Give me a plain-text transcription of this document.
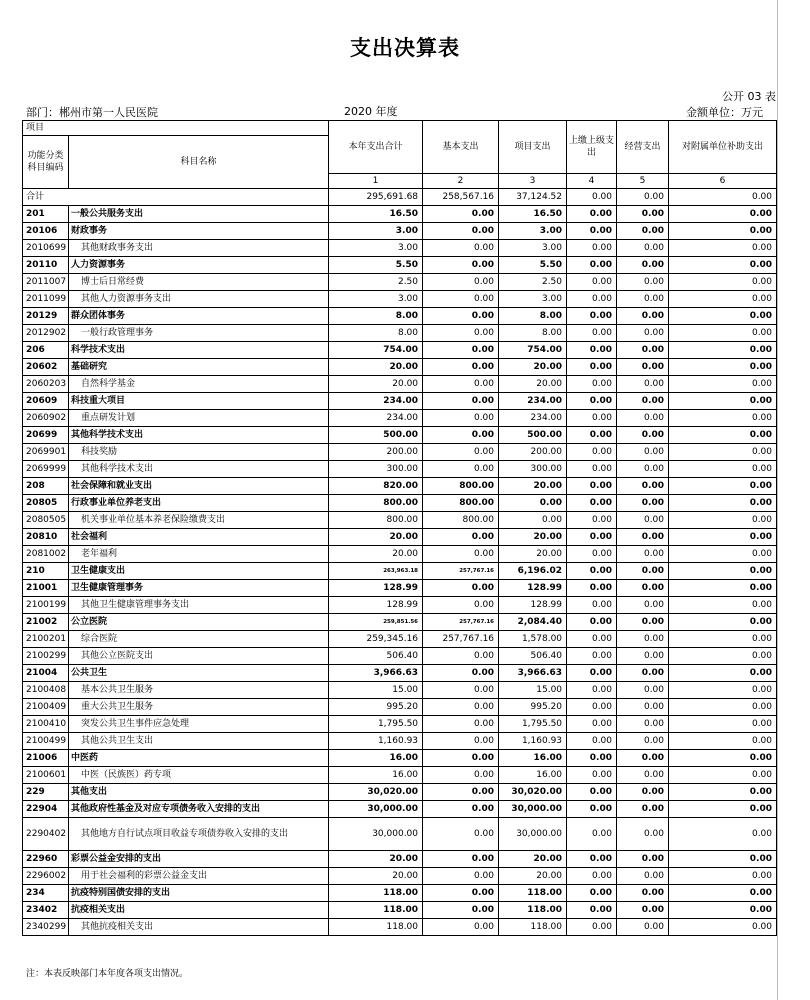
支出决算表
公开 03 表
部门：郴州市第一人民医院	2020 年度	金额单位：万元
项目		本年支出合计	基本支出	项目支出	上缴上级支出	经营支出	对附属单位补助支出
功能分类科目编码	科目名称						
		1	2	3	4	5	6
合计		295,691.68	258,567.16	37,124.52	0.00	0.00	0.00
201	一般公共服务支出	16.50	0.00	16.50	0.00	0.00	0.00
20106	财政事务	3.00	0.00	3.00	0.00	0.00	0.00
2010699	其他财政事务支出	3.00	0.00	3.00	0.00	0.00	0.00
20110	人力资源事务	5.50	0.00	5.50	0.00	0.00	0.00
2011007	博士后日常经费	2.50	0.00	2.50	0.00	0.00	0.00
2011099	其他人力资源事务支出	3.00	0.00	3.00	0.00	0.00	0.00
20129	群众团体事务	8.00	0.00	8.00	0.00	0.00	0.00
2012902	一般行政管理事务	8.00	0.00	8.00	0.00	0.00	0.00
206	科学技术支出	754.00	0.00	754.00	0.00	0.00	0.00
20602	基础研究	20.00	0.00	20.00	0.00	0.00	0.00
2060203	自然科学基金	20.00	0.00	20.00	0.00	0.00	0.00
20609	科技重大项目	234.00	0.00	234.00	0.00	0.00	0.00
2060902	重点研发计划	234.00	0.00	234.00	0.00	0.00	0.00
20699	其他科学技术支出	500.00	0.00	500.00	0.00	0.00	0.00
2069901	科技奖励	200.00	0.00	200.00	0.00	0.00	0.00
2069999	其他科学技术支出	300.00	0.00	300.00	0.00	0.00	0.00
208	社会保障和就业支出	820.00	800.00	20.00	0.00	0.00	0.00
20805	行政事业单位养老支出	800.00	800.00	0.00	0.00	0.00	0.00
2080505	机关事业单位基本养老保险缴费支出	800.00	800.00	0.00	0.00	0.00	0.00
20810	社会福利	20.00	0.00	20.00	0.00	0.00	0.00
2081002	老年福利	20.00	0.00	20.00	0.00	0.00	0.00
210	卫生健康支出	263,963.18	257,767.16	6,196.02	0.00	0.00	0.00
21001	卫生健康管理事务	128.99	0.00	128.99	0.00	0.00	0.00
2100199	其他卫生健康管理事务支出	128.99	0.00	128.99	0.00	0.00	0.00
21002	公立医院	259,851.56	257,767.16	2,084.40	0.00	0.00	0.00
2100201	综合医院	259,345.16	257,767.16	1,578.00	0.00	0.00	0.00
2100299	其他公立医院支出	506.40	0.00	506.40	0.00	0.00	0.00
21004	公共卫生	3,966.63	0.00	3,966.63	0.00	0.00	0.00
2100408	基本公共卫生服务	15.00	0.00	15.00	0.00	0.00	0.00
2100409	重大公共卫生服务	995.20	0.00	995.20	0.00	0.00	0.00
2100410	突发公共卫生事件应急处理	1,795.50	0.00	1,795.50	0.00	0.00	0.00
2100499	其他公共卫生支出	1,160.93	0.00	1,160.93	0.00	0.00	0.00
21006	中医药	16.00	0.00	16.00	0.00	0.00	0.00
2100601	中医（民族医）药专项	16.00	0.00	16.00	0.00	0.00	0.00
229	其他支出	30,020.00	0.00	30,020.00	0.00	0.00	0.00
22904	其他政府性基金及对应专项债务收入安排的支出	30,000.00	0.00	30,000.00	0.00	0.00	0.00
2290402	其他地方自行试点项目收益专项债券收入安排的支出	30,000.00	0.00	30,000.00	0.00	0.00	0.00
22960	彩票公益金安排的支出	20.00	0.00	20.00	0.00	0.00	0.00
2296002	用于社会福利的彩票公益金支出	20.00	0.00	20.00	0.00	0.00	0.00
234	抗疫特别国债安排的支出	118.00	0.00	118.00	0.00	0.00	0.00
23402	抗疫相关支出	118.00	0.00	118.00	0.00	0.00	0.00
2340299	其他抗疫相关支出	118.00	0.00	118.00	0.00	0.00	0.00
注：本表反映部门本年度各项支出情况。
